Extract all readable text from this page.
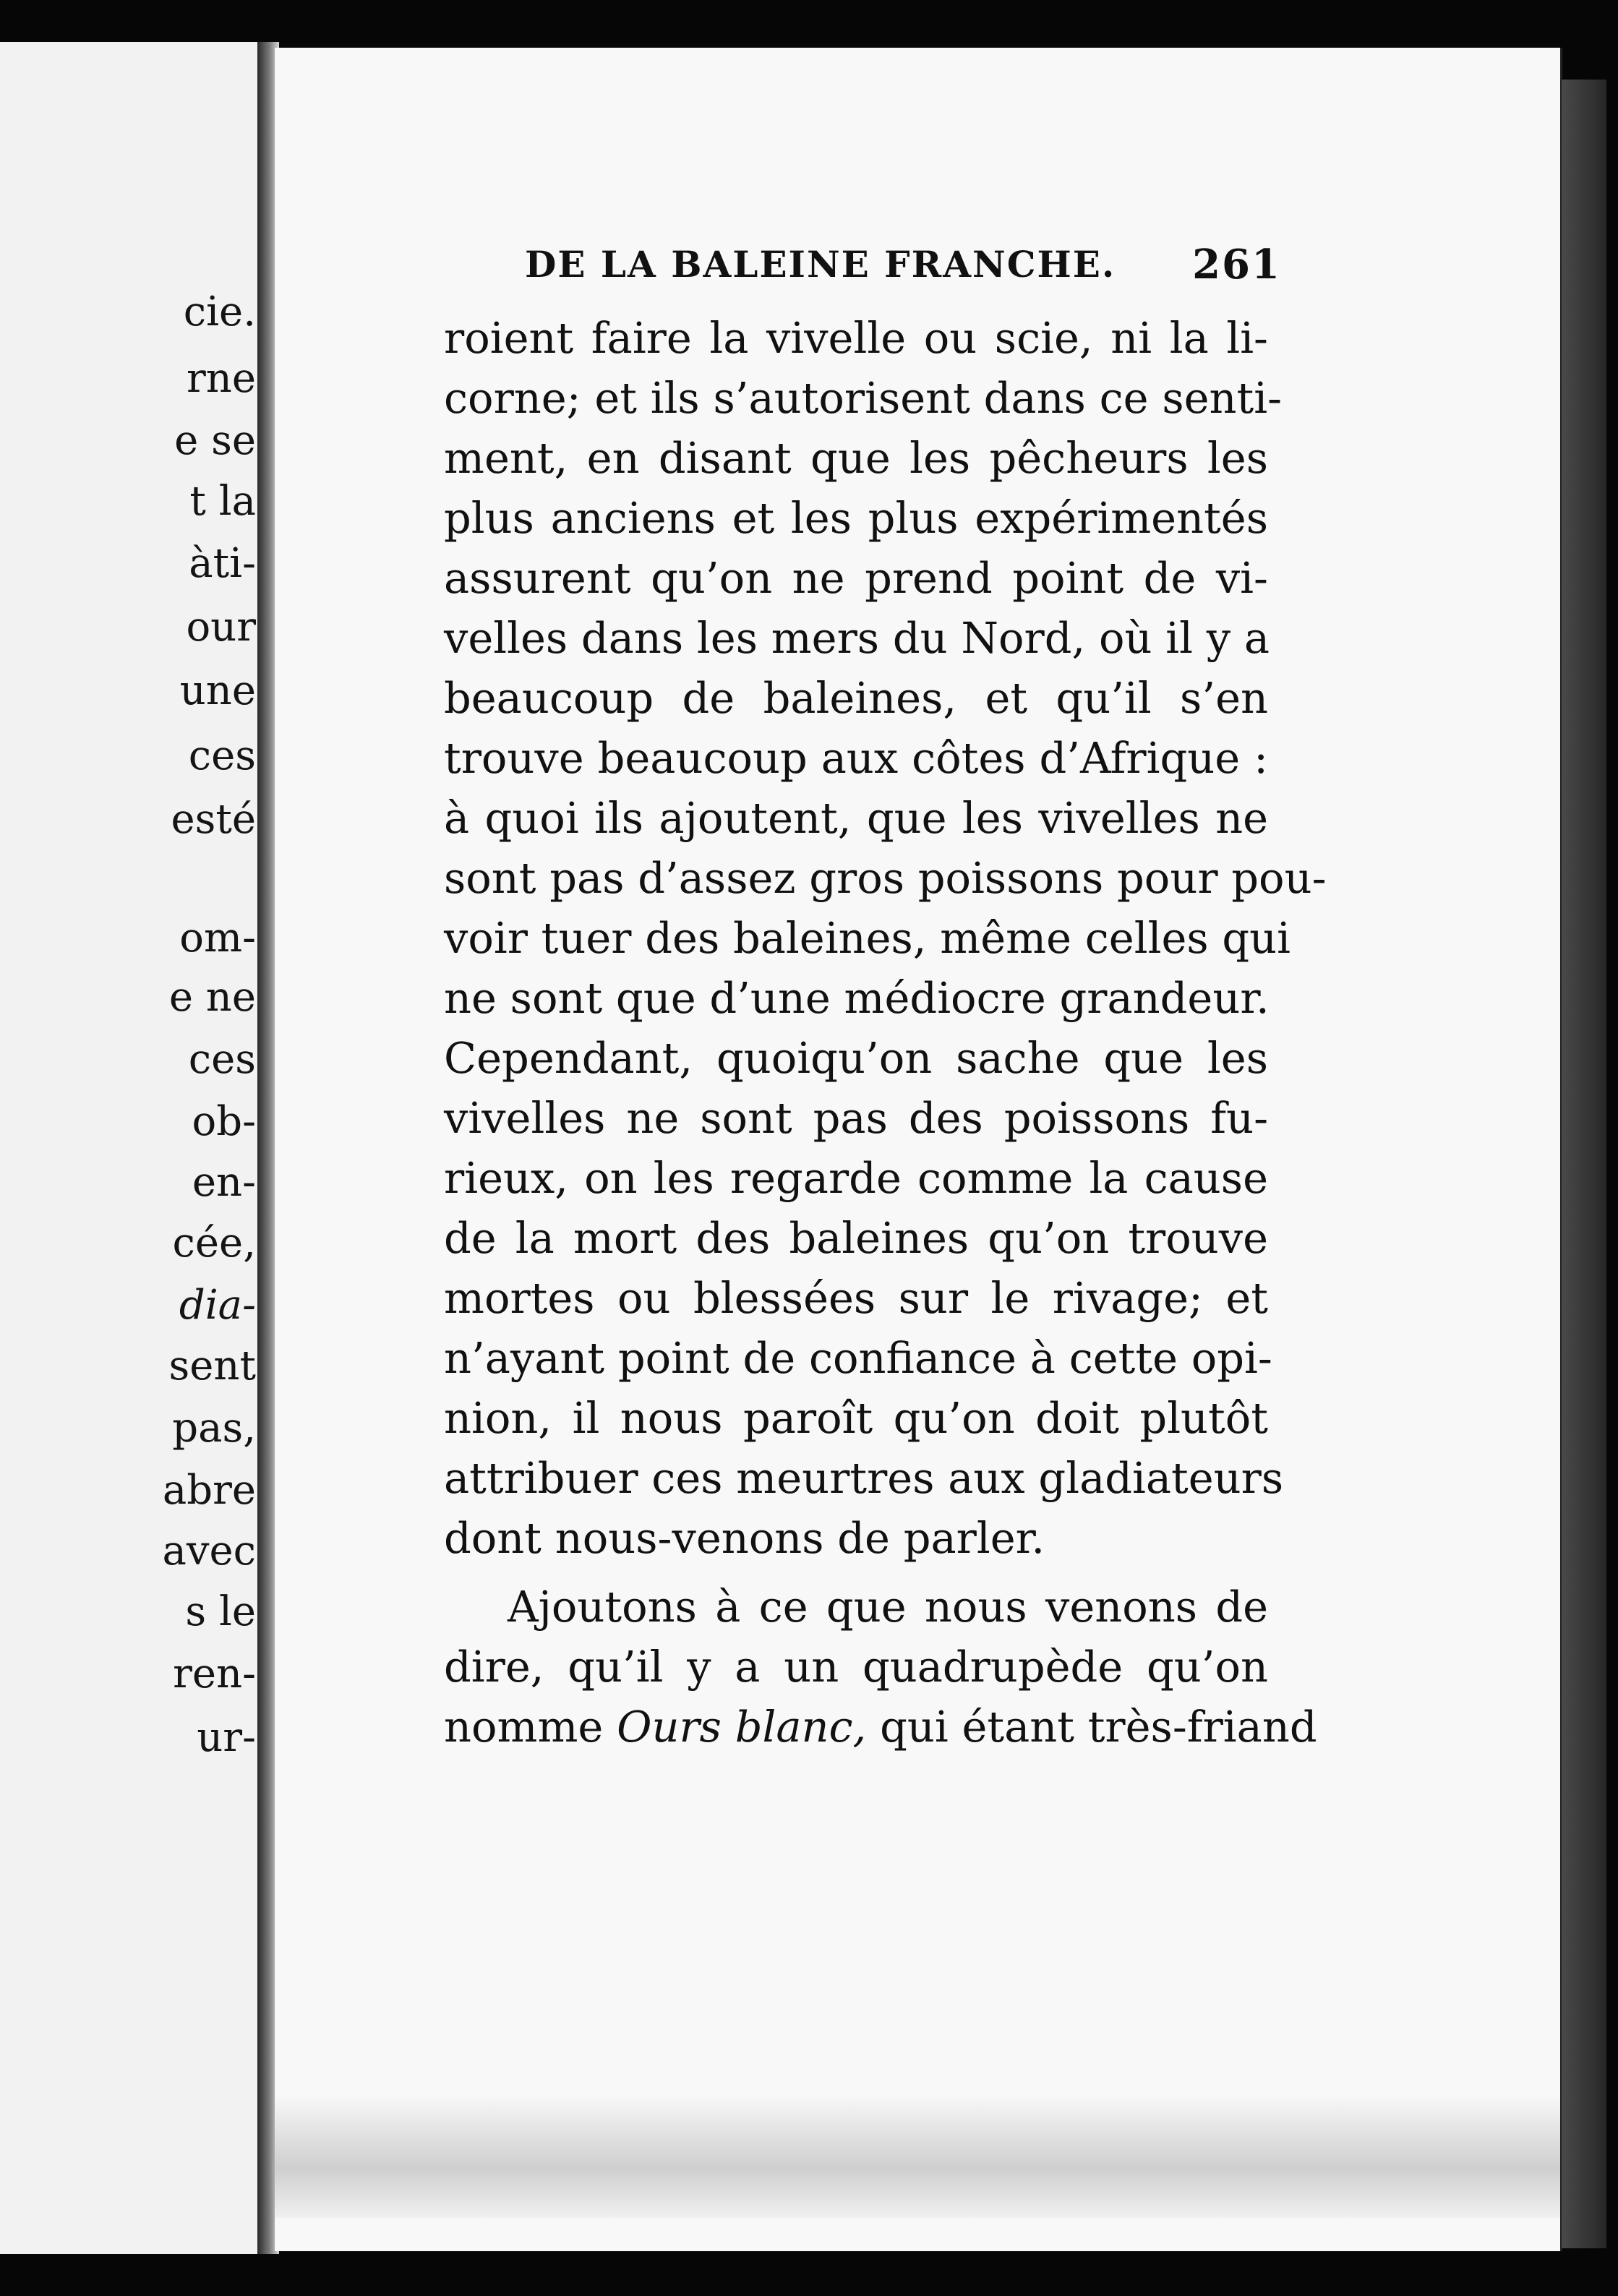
cie.

rne

e se

t la

àti-

our

une

ces

esté

om-

e ne

ces

ob-

en-

cée,

dia-

sent

pas,

abre

avec

s le

ren-

ur-

DE LA BALEINE FRANCHE. 261

roient faire la vivelle ou scie, ni la li-

corne; et ils s’autorisent dans ce senti-

ment, en disant que les pêcheurs les

plus anciens et les plus expérimentés

assurent qu’on ne prend point de vi-

velles dans les mers du Nord, où il y a

beaucoup de baleines, et qu’il s’en

trouve beaucoup aux côtes d’Afrique :

à quoi ils ajoutent, que les vivelles ne

sont pas d’assez gros poissons pour pou-

voir tuer des baleines, même celles qui

ne sont que d’une médiocre grandeur.

Cependant, quoiqu’on sache que les

vivelles ne sont pas des poissons fu-

rieux, on les regarde comme la cause

de la mort des baleines qu’on trouve

mortes ou blessées sur le rivage; et

n’ayant point de confiance à cette opi-

nion, il nous paroît qu’on doit plutôt

attribuer ces meurtres aux gladiateurs

dont nous-venons de parler.

Ajoutons à ce que nous venons de

dire, qu’il y a un quadrupède qu’on

nomme Ours blanc, qui étant très-friand
